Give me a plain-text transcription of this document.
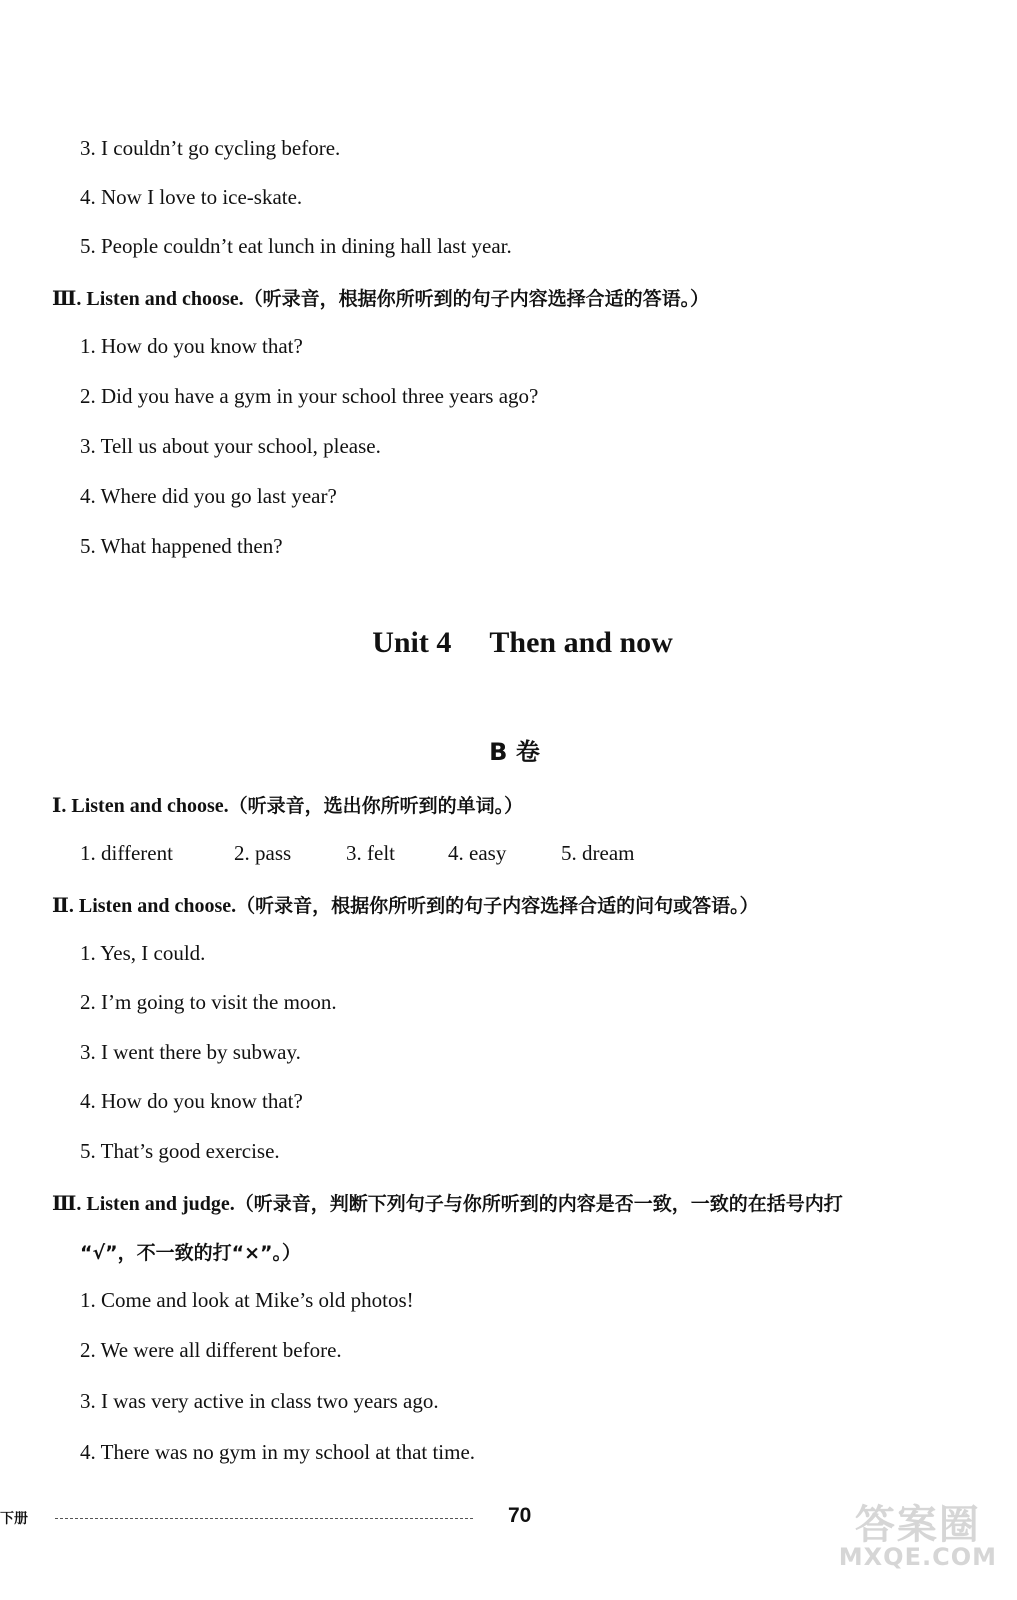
3. I couldn’t go cycling before.
4. Now I love to ice-skate.
5. People couldn’t eat lunch in dining hall last year.
Ⅲ. Listen and choose.（听录音，根据你所听到的句子内容选择合适的答语。）
1. How do you know that?
2. Did you have a gym in your school three years ago?
3. Tell us about your school, please.
4. Where did you go last year?
5. What happened then?
Unit 4 Then and now
B 卷
Ⅰ. Listen and choose.（听录音，选出你所听到的单词。）
1. different	2. pass	3. felt	4. easy	5. dream
Ⅱ. Listen and choose.（听录音，根据你所听到的句子内容选择合适的问句或答语。）
1. Yes, I could.
2. I’m going to visit the moon.
3. I went there by subway.
4. How do you know that?
5. That’s good exercise.
Ⅲ. Listen and judge.（听录音，判断下列句子与你所听到的内容是否一致，一致的在括号内打
“√”，不一致的打“×”。）
1. Come and look at Mike’s old photos!
2. We were all different before.
3. I was very active in class two years ago.
4. There was no gym in my school at that time.
下册	70	答案圈
MXQE.COM
